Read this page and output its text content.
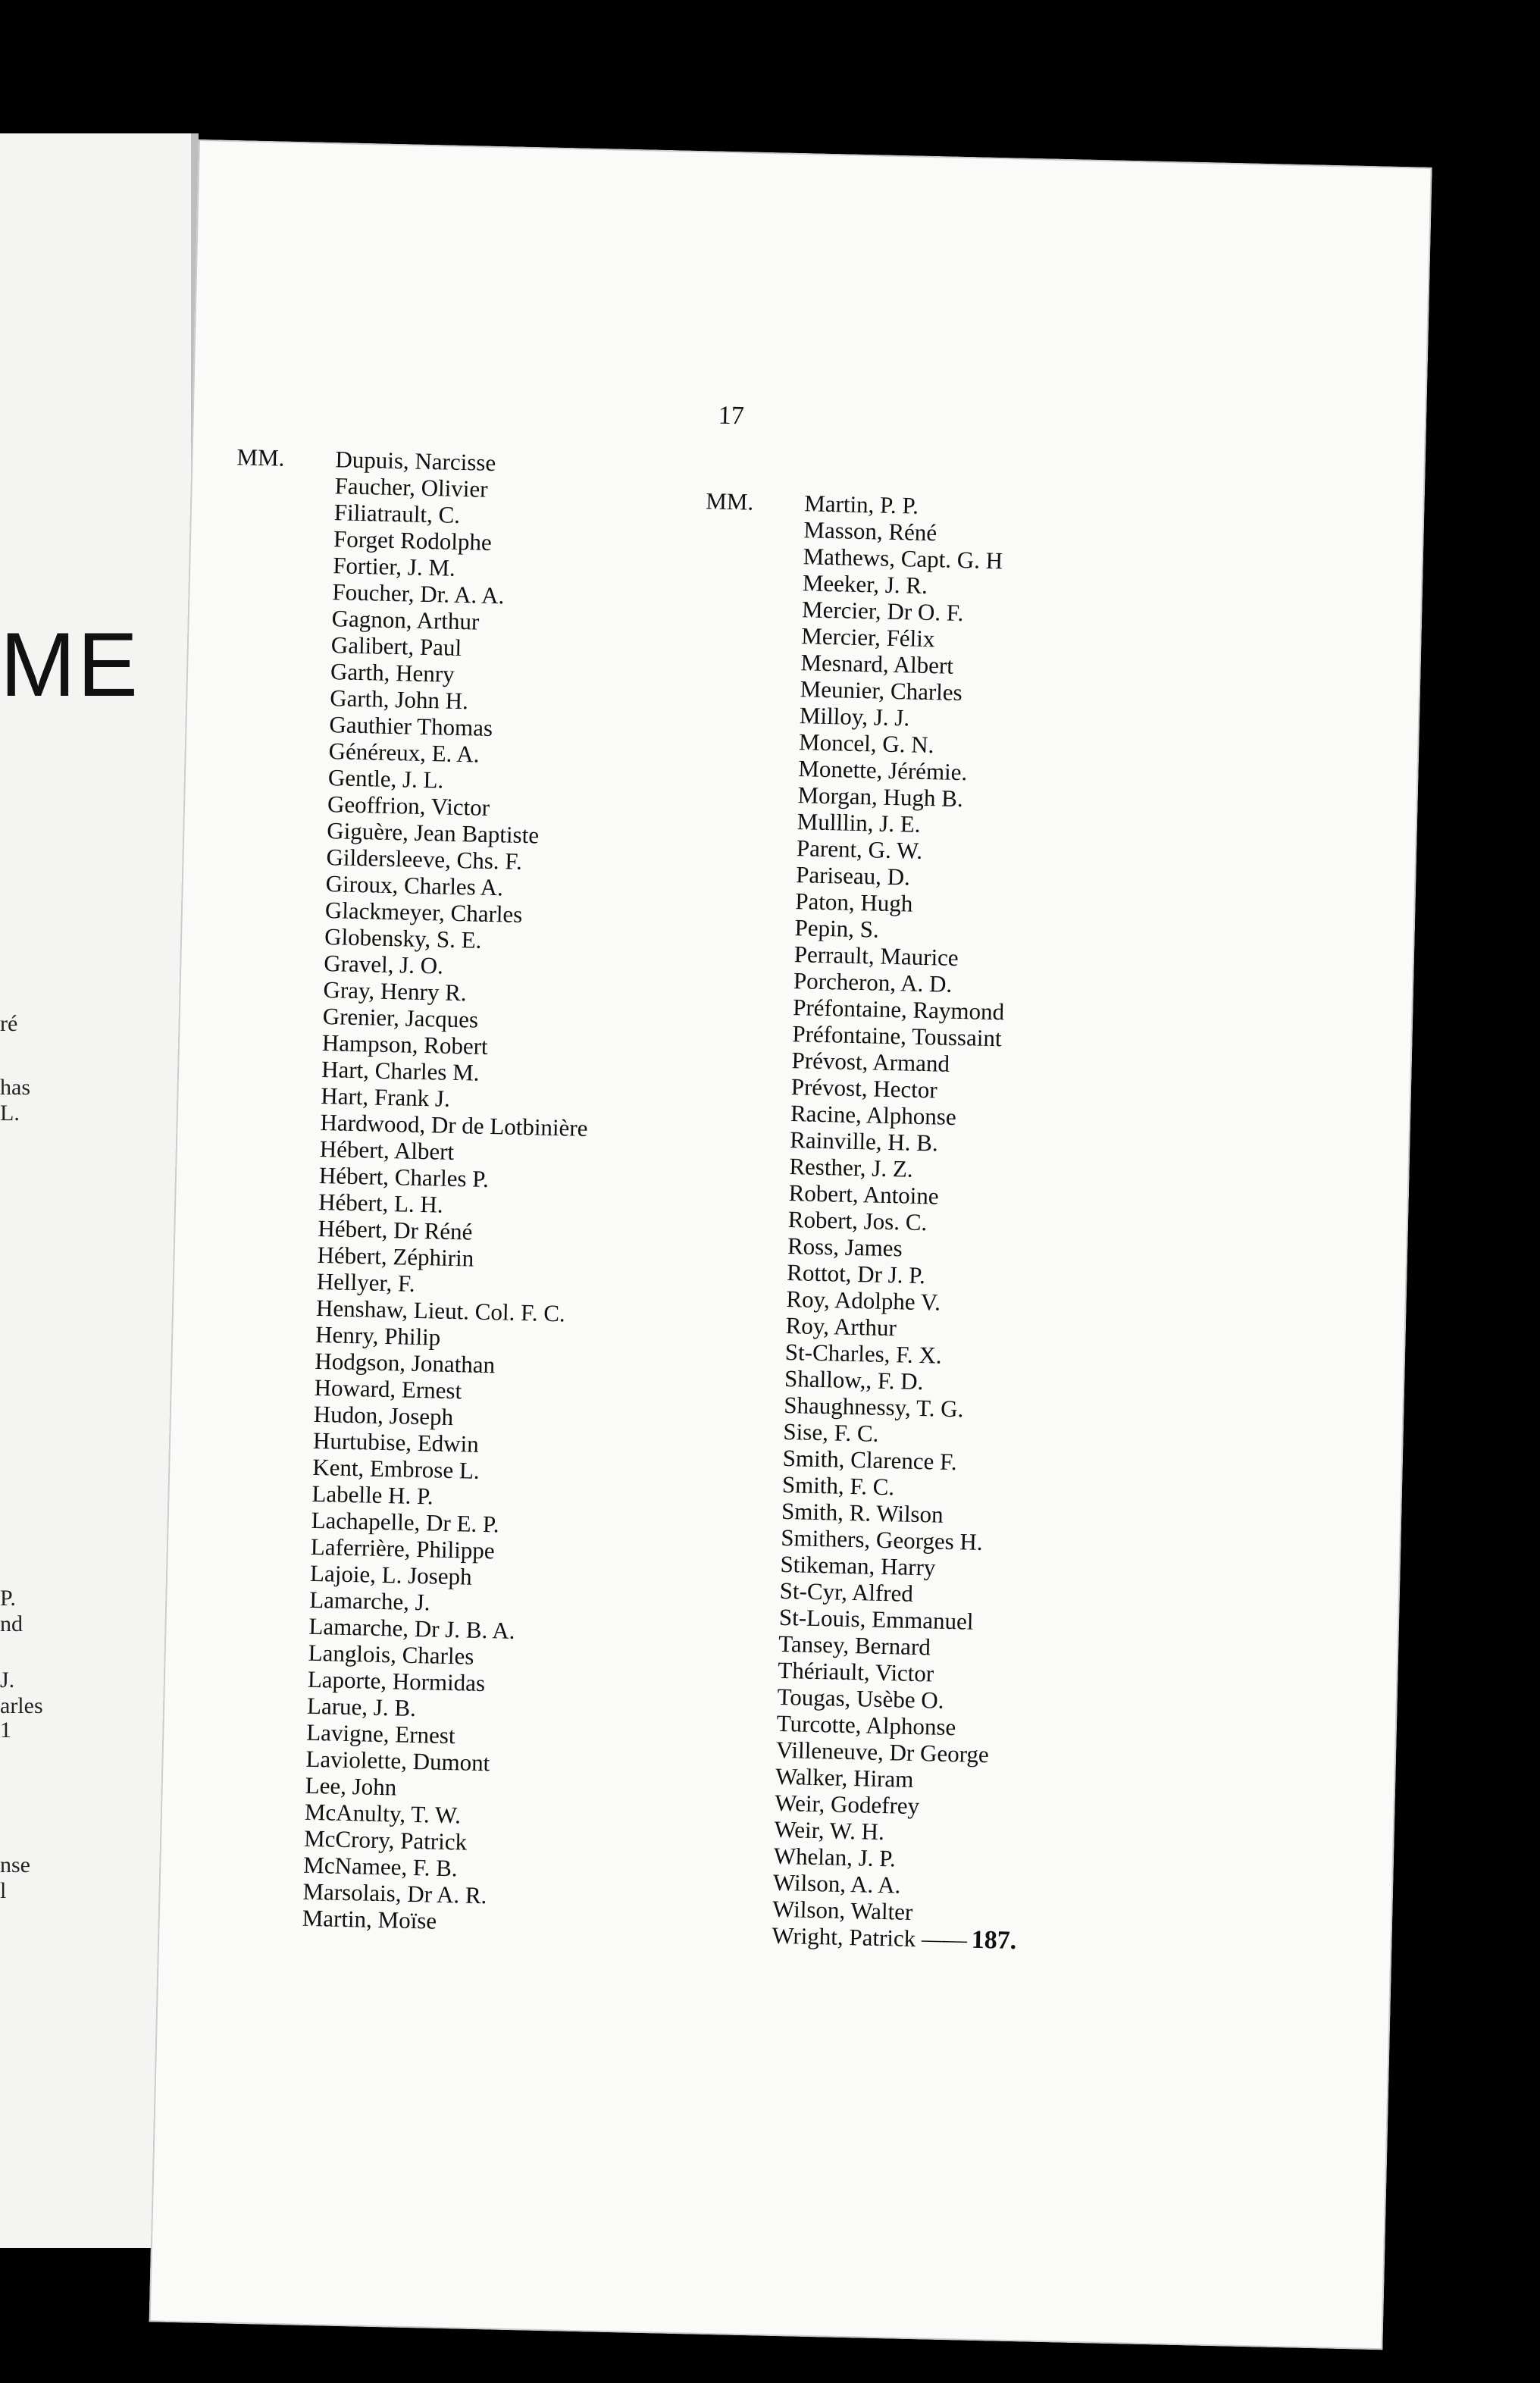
ME
ré
has
L.
P.
nd
J.
arles
1
nse
l
17
MM. Dupuis, Narcisse
Faucher, Olivier
Filiatrault, C.
Forget Rodolphe
Fortier, J. M.
Foucher, Dr. A. A.
Gagnon, Arthur
Galibert, Paul
Garth, Henry
Garth, John H.
Gauthier Thomas
Généreux, E. A.
Gentle, J. L.
Geoffrion, Victor
Giguère, Jean Baptiste
Gildersleeve, Chs. F.
Giroux, Charles A.
Glackmeyer, Charles
Globensky, S. E.
Gravel, J. O.
Gray, Henry R.
Grenier, Jacques
Hampson, Robert
Hart, Charles M.
Hart, Frank J.
Hardwood, Dr de Lotbinière
Hébert, Albert
Hébert, Charles P.
Hébert, L. H.
Hébert, Dr Réné
Hébert, Zéphirin
Hellyer, F.
Henshaw, Lieut. Col. F. C.
Henry, Philip
Hodgson, Jonathan
Howard, Ernest
Hudon, Joseph
Hurtubise, Edwin
Kent, Embrose L.
Labelle H. P.
Lachapelle, Dr E. P.
Laferrière, Philippe
Lajoie, L. Joseph
Lamarche, J.
Lamarche, Dr J. B. A.
Langlois, Charles
Laporte, Hormidas
Larue, J. B.
Lavigne, Ernest
Laviolette, Dumont
Lee, John
McAnulty, T. W.
McCrory, Patrick
McNamee, F. B.
Marsolais, Dr A. R.
Martin, Moïse
MM. Martin, P. P.
Masson, Réné
Mathews, Capt. G. H
Meeker, J. R.
Mercier, Dr O. F.
Mercier, Félix
Mesnard, Albert
Meunier, Charles
Milloy, J. J.
Moncel, G. N.
Monette, Jérémie.
Morgan, Hugh B.
Mulllin, J. E.
Parent, G. W.
Pariseau, D.
Paton, Hugh
Pepin, S.
Perrault, Maurice
Porcheron, A. D.
Préfontaine, Raymond
Préfontaine, Toussaint
Prévost, Armand
Prévost, Hector
Racine, Alphonse
Rainville, H. B.
Resther, J. Z.
Robert, Antoine
Robert, Jos. C.
Ross, James
Rottot, Dr J. P.
Roy, Adolphe V.
Roy, Arthur
St-Charles, F. X.
Shallow,, F. D.
Shaughnessy, T. G.
Sise, F. C.
Smith, Clarence F.
Smith, F. C.
Smith, R. Wilson
Smithers, Georges H.
Stikeman, Harry
St-Cyr, Alfred
St-Louis, Emmanuel
Tansey, Bernard
Thériault, Victor
Tougas, Usèbe O.
Turcotte, Alphonse
Villeneuve, Dr George
Walker, Hiram
Weir, Godefrey
Weir, W. H.
Whelan, J. P.
Wilson, A. A.
Wilson, Walter
Wright, Patrick —— 187.
